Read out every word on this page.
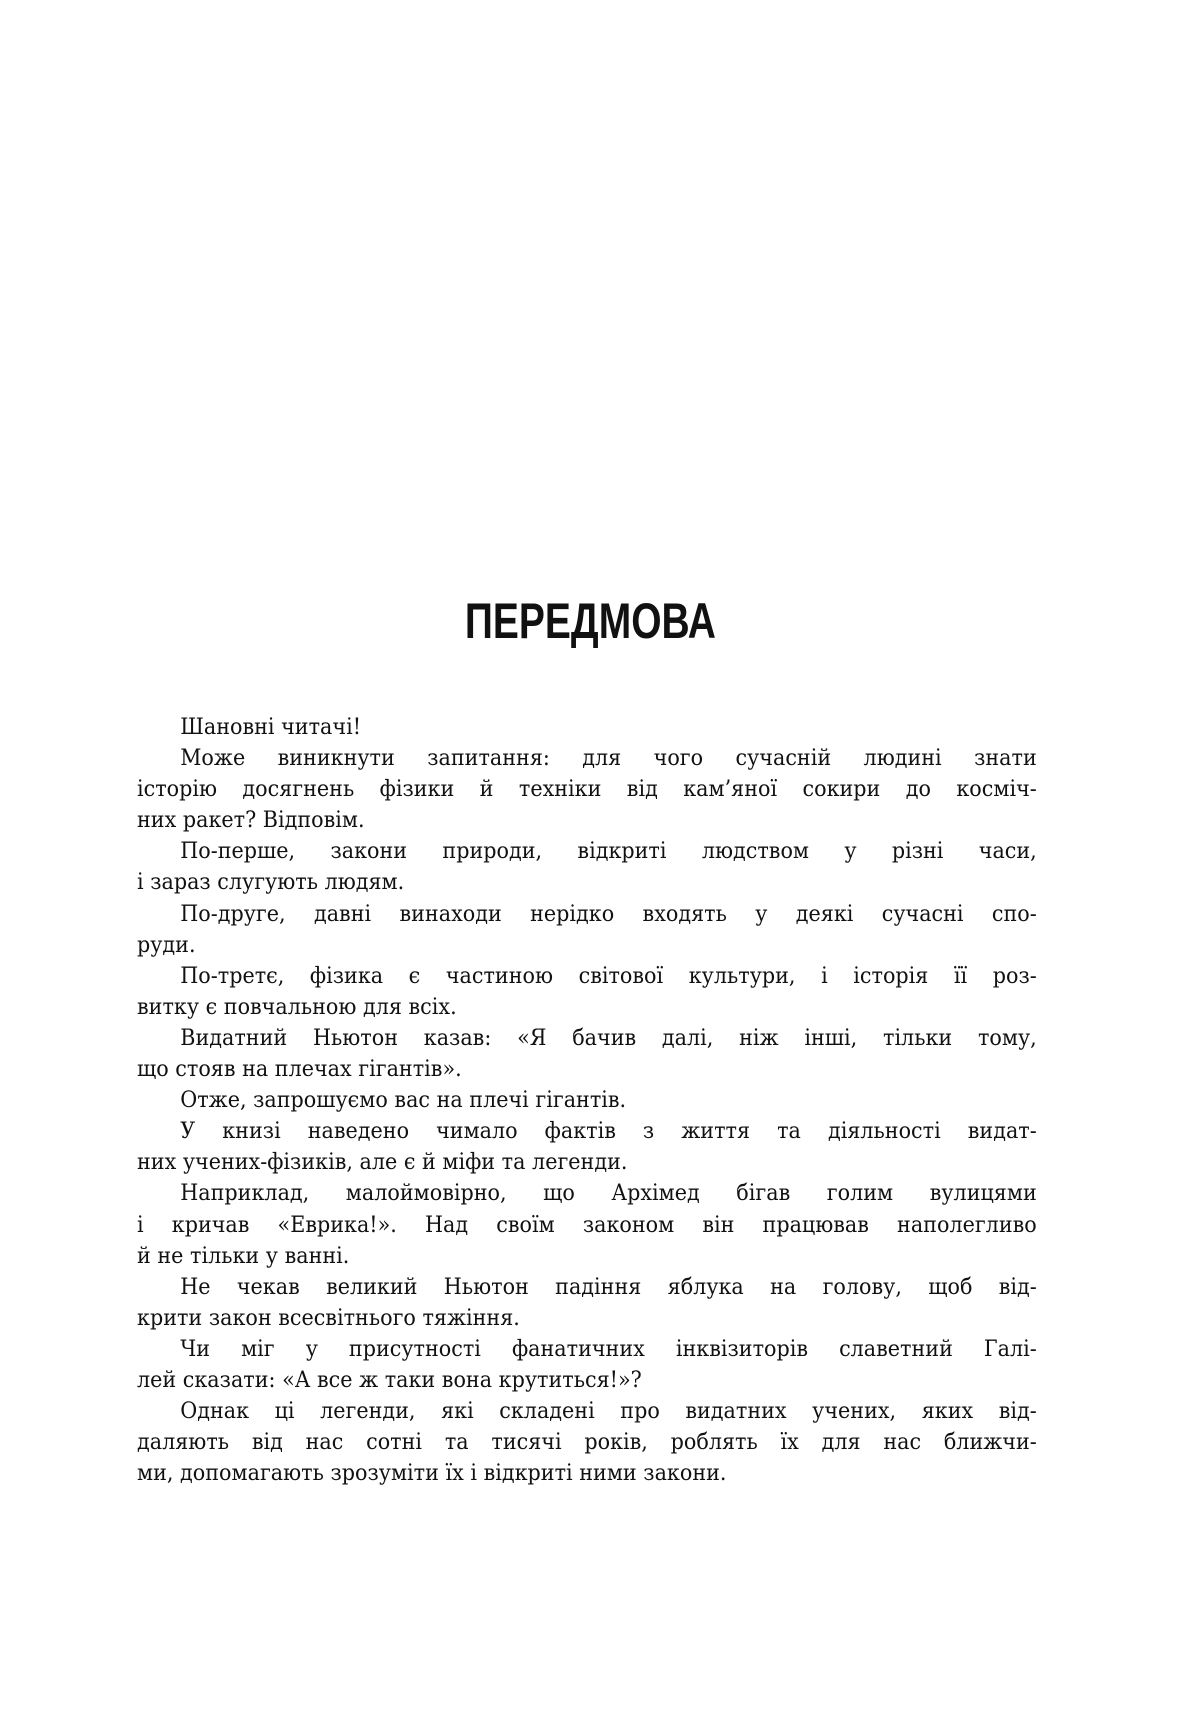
ПЕРЕДМОВА
Шановні читачі!
Може виникнути запитання: для чого сучасній людині знати
історію досягнень фізики й техніки від кам’яної сокири до косміч-
них ракет? Відповім.
По-перше, закони природи, відкриті людством у різні часи,
і зараз слугують людям.
По-друге, давні винаходи нерідко входять у деякі сучасні спо-
руди.
По-третє, фізика є частиною світової культури, і історія її роз-
витку є повчальною для всіх.
Видатний Ньютон казав: «Я бачив далі, ніж інші, тільки тому,
що стояв на плечах гігантів».
Отже, запрошуємо вас на плечі гігантів.
У книзі наведено чимало фактів з життя та діяльності видат-
них учених-фізиків, але є й міфи та легенди.
Наприклад, малоймовірно, що Архімед бігав голим вулицями
і кричав «Еврика!». Над своїм законом він працював наполегливо
й не тільки у ванні.
Не чекав великий Ньютон падіння яблука на голову, щоб від-
крити закон всесвітнього тяжіння.
Чи міг у присутності фанатичних інквізиторів славетний Галі-
лей сказати: «А все ж таки вона крутиться!»?
Однак ці легенди, які складені про видатних учених, яких від-
даляють від нас сотні та тисячі років, роблять їх для нас ближчи-
ми, допомагають зрозуміти їх і відкриті ними закони.
